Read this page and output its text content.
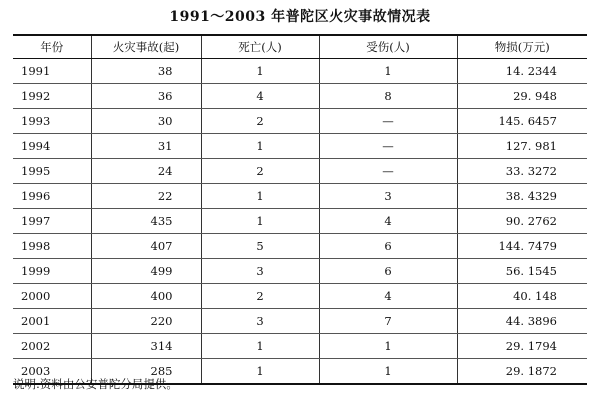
1991～2003 年普陀区火灾事故情况表
年份	火灾事故(起)	死亡(人)	受伤(人)	物损(万元)
1991	38	1	1	14. 2344
1992	36	4	8	29. 948
1993	30	2	—	145. 6457
1994	31	1	—	127. 981
1995	24	2	—	33. 3272
1996	22	1	3	38. 4329
1997	435	1	4	90. 2762
1998	407	5	6	144. 7479
1999	499	3	6	56. 1545
2000	400	2	4	40. 148
2001	220	3	7	44. 3896
2002	314	1	1	29. 1794
2003	285	1	1	29. 1872
说明:资料由公安普陀分局提供。
